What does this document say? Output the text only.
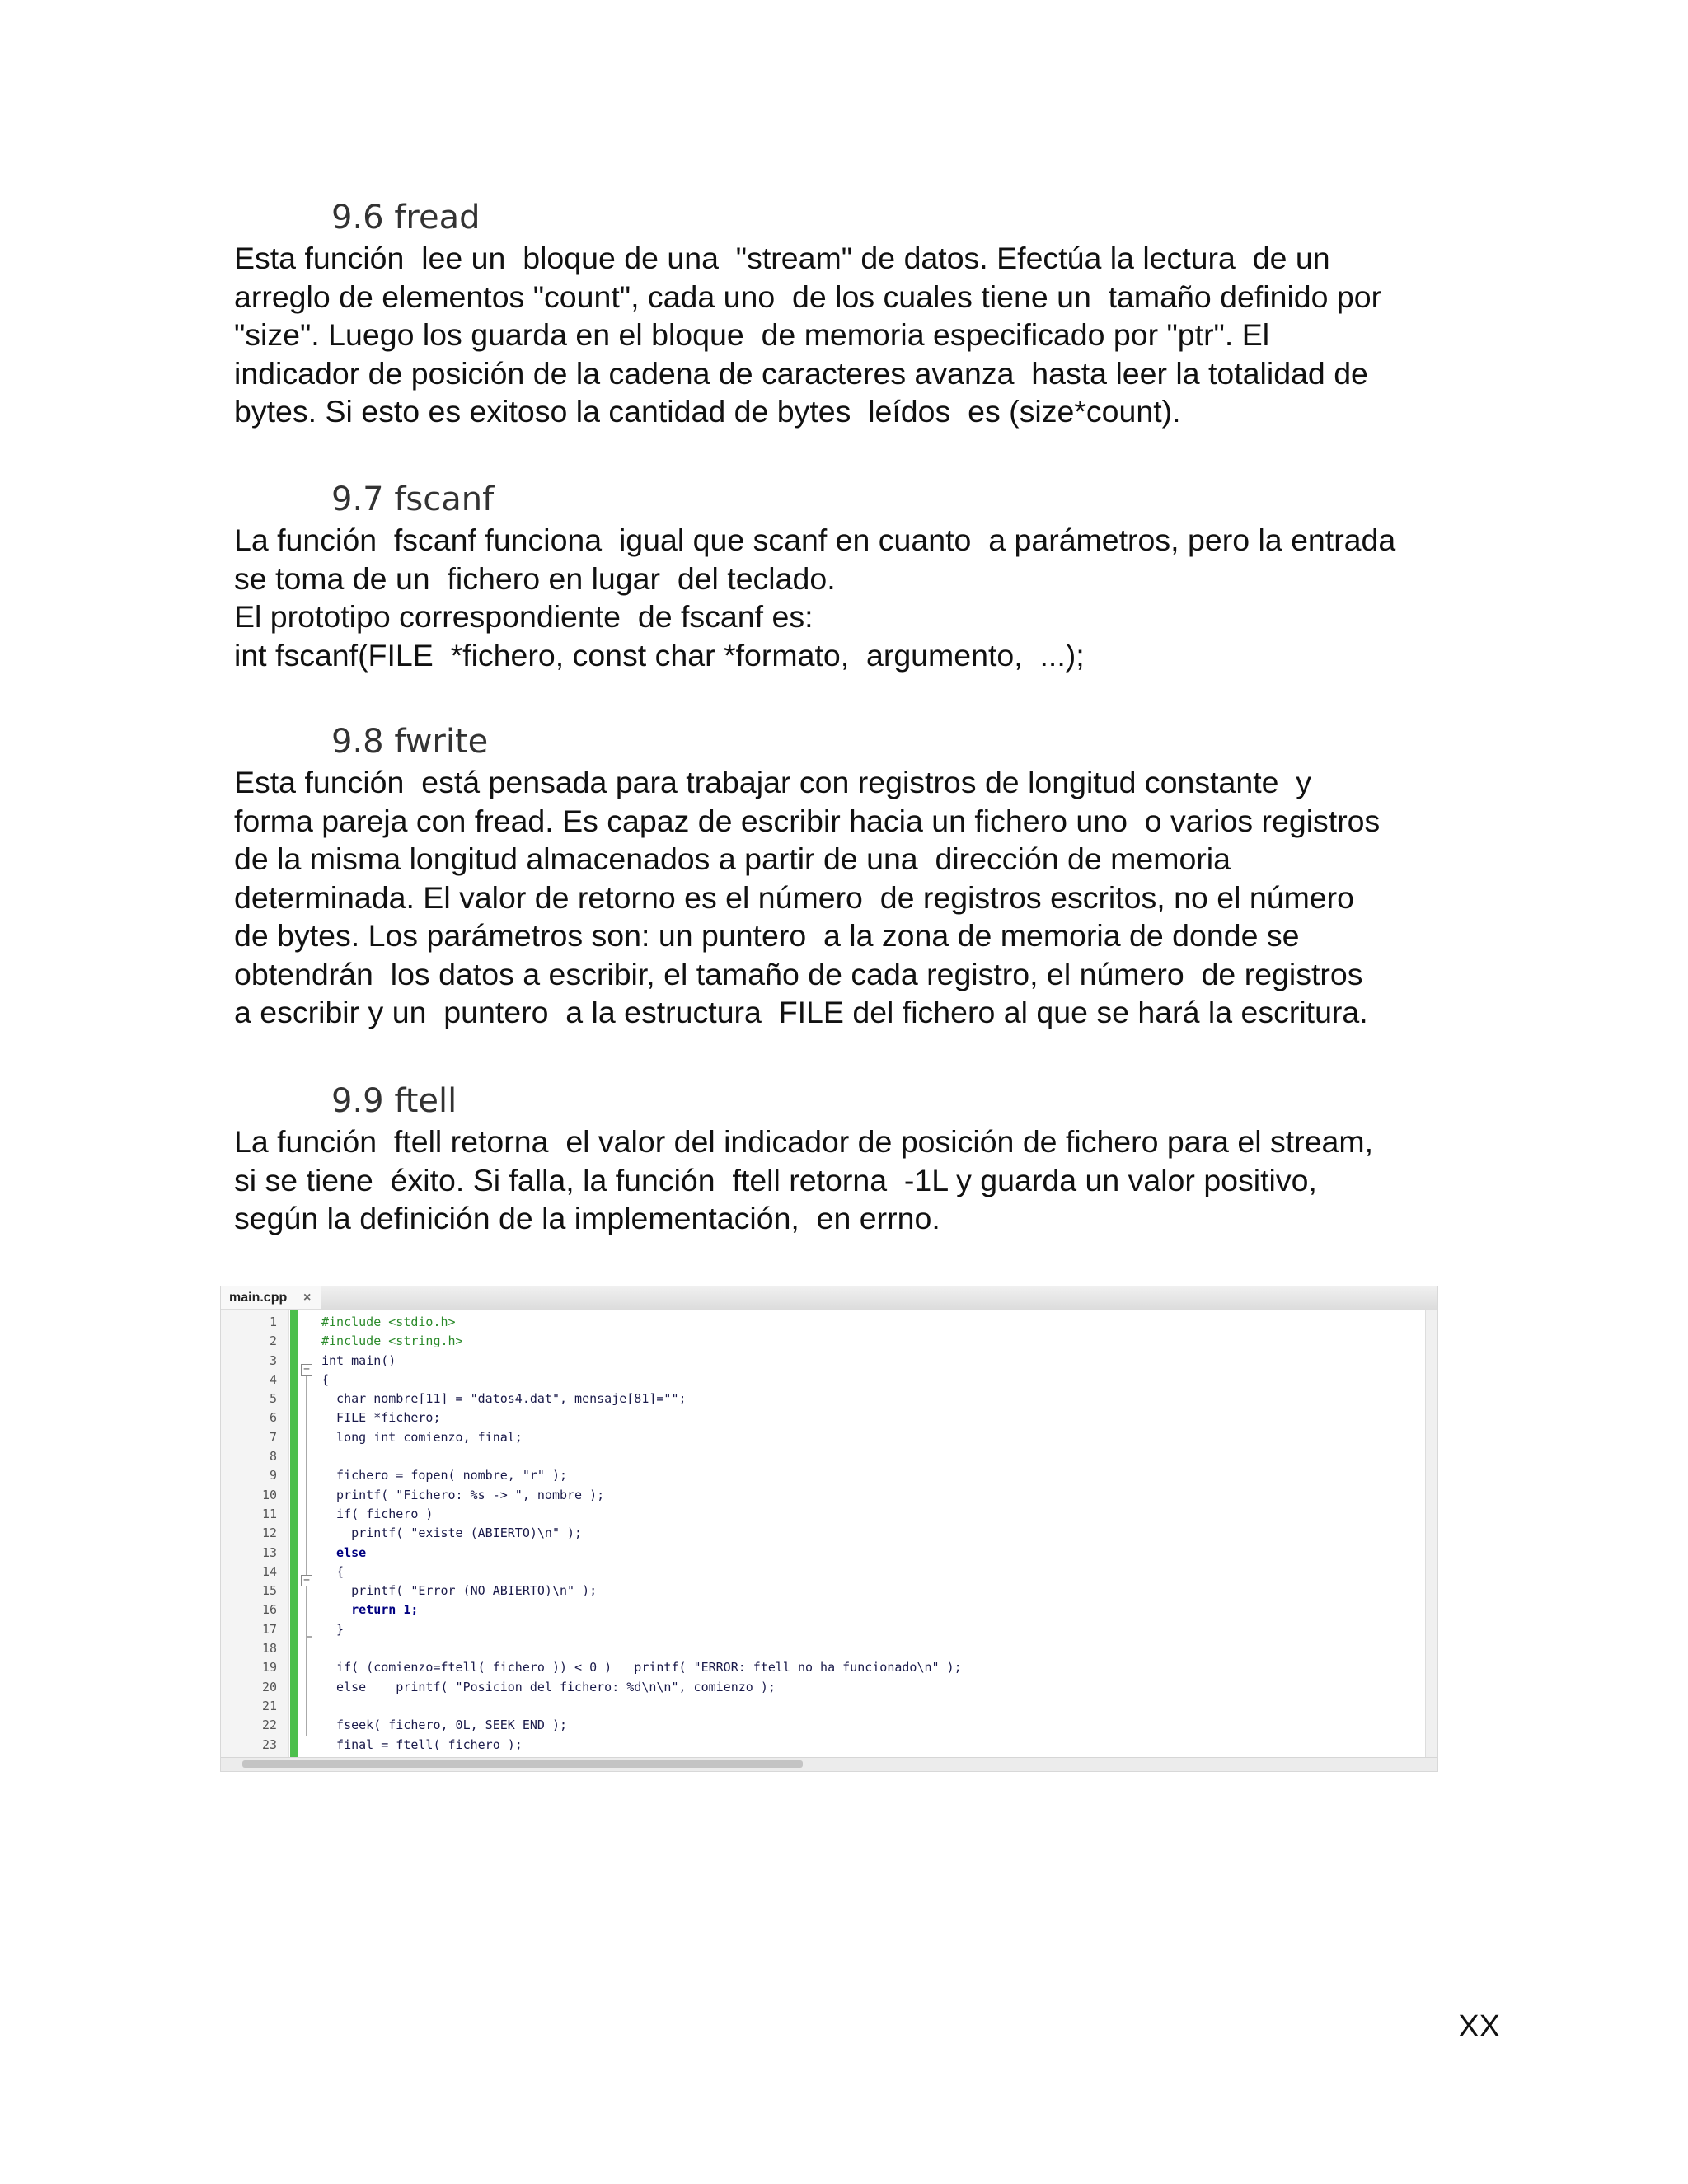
9.6 fread
Esta función  lee un  bloque de una  "stream" de datos. Efectúa la lectura  de un
arreglo de elementos "count", cada uno  de los cuales tiene un  tamaño definido por
"size". Luego los guarda en el bloque  de memoria especificado por "ptr". El
indicador de posición de la cadena de caracteres avanza  hasta leer la totalidad de
bytes. Si esto es exitoso la cantidad de bytes  leídos  es (size*count).
9.7 fscanf
La función  fscanf funciona  igual que scanf en cuanto  a parámetros, pero la entrada
se toma de un  fichero en lugar  del teclado.
El prototipo correspondiente  de fscanf es:
int fscanf(FILE  *fichero, const char *formato,  argumento,  ...);
9.8 fwrite
Esta función  está pensada para trabajar con registros de longitud constante  y
forma pareja con fread. Es capaz de escribir hacia un fichero uno  o varios registros
de la misma longitud almacenados a partir de una  dirección de memoria
determinada. El valor de retorno es el número  de registros escritos, no el número
de bytes. Los parámetros son: un puntero  a la zona de memoria de donde se
obtendrán  los datos a escribir, el tamaño de cada registro, el número  de registros
a escribir y un  puntero  a la estructura  FILE del fichero al que se hará la escritura.
9.9 ftell
La función  ftell retorna  el valor del indicador de posición de fichero para el stream,
si se tiene  éxito. Si falla, la función  ftell retorna  -1L y guarda un valor positivo,
según la definición de la implementación,  en errno.
main.cpp ×
−
−
1	#include <stdio.h>
2	#include <string.h>
3	int main()
4	{
5	char nombre[11] = "datos4.dat", mensaje[81]="";
6	FILE *fichero;
7	long int comienzo, final;
8
9	fichero = fopen( nombre, "r" );
10	printf( "Fichero: %s -> ", nombre );
11	if( fichero )
12	printf( "existe (ABIERTO)\n" );
13	else
14	{
15	printf( "Error (NO ABIERTO)\n" );
16	return 1;
17	}
18
19	if( (comienzo=ftell( fichero )) < 0 )   printf( "ERROR: ftell no ha funcionado\n" );
20	else    printf( "Posicion del fichero: %d\n\n", comienzo );
21
22	fseek( fichero, 0L, SEEK_END );
23	final = ftell( fichero );
XX
